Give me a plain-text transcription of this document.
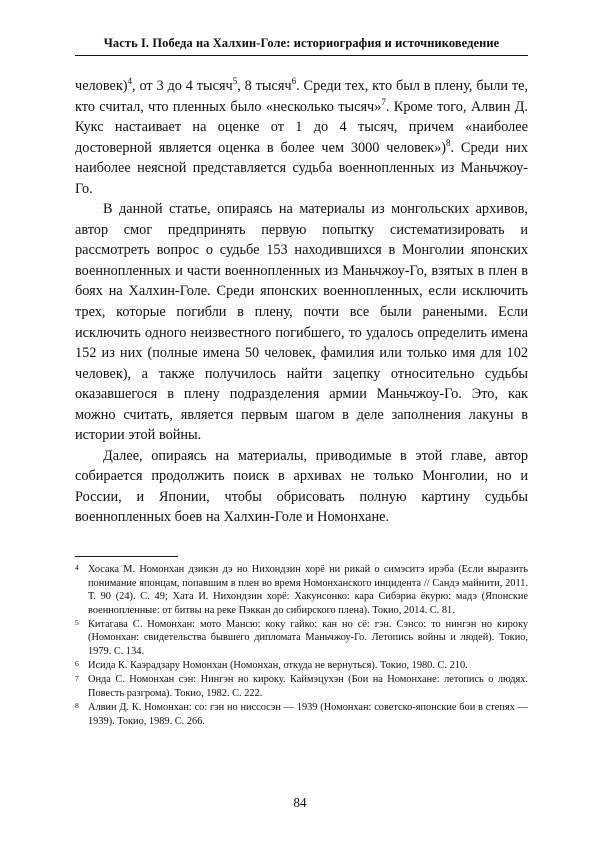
Часть I. Победа на Халхин-Голе: историография и источниковедение

человек)$^4$, от 3 до 4 тысяч$^5$, 8 тысяч$^6$. Среди тех, кто был в плену, были те, кто считал, что пленных было «несколько тысяч»$^7$. Кроме того, Алвин Д. Кукс настаивает на оценке от 1 до 4 тысяч, причем «наиболее достоверной является оценка в более чем 3000 человек»)$^8$. Среди них наиболее неясной представляется судьба военнопленных из Маньчжоу-Го.

В данной статье, опираясь на материалы из монгольских архивов, автор смог предпринять первую попытку систематизировать и рассмотреть вопрос о судьбе 153 находившихся в Монголии японских военнопленных и части военнопленных из Маньчжоу-Го, взятых в плен в боях на Халхин-Голе. Среди японских военнопленных, если исключить трех, которые погибли в плену, почти все были ранеными. Если исключить одного неизвестного погибшего, то удалось определить имена 152 из них (полные имена 50 человек, фамилия или только имя для 102 человек), а также получилось найти зацепку относительно судьбы оказавшегося в плену подразделения армии Маньчжоу-Го. Это, как можно считать, является первым шагом в деле заполнения лакуны в истории этой войны.

Далее, опираясь на материалы, приводимые в этой главе, автор собирается продолжить поиск в архивах не только Монголии, но и России, и Японии, чтобы обрисовать полную картину судьбы военнопленных боев на Халхин-Голе и Номонхане.

4 Хосака М. Номонхан дзикэн дэ но Нихондзин хорё ни рикай о симэситэ ирэба (Если выразить понимание японцам, попавшим в плен во время Номонханского инцидента // Сандэ майнити, 2011. Т. 90 (24). С. 49; Хата И. Нихондзин хорё: Хакунсонко: кара Сибэриа ёкурю: мадэ (Японские военнопленные: от битвы на реке Пэккан до сибирского плена). Токио, 2014. С. 81.
5 Китагава С. Номонхан: мото Мансю: коку гайко: кан но сё: гэн. Сэнсо: то нингэн но кироку (Номонхан: свидетельства бывшего дипломата Маньчжоу-Го. Летопись войны и людей). Токио, 1979. С. 134.
6 Исида К. Каэрадзару Номонхан (Номонхан, откуда не вернуться). Токио, 1980. С. 210.
7 Онда С. Номонхан сэн: Нингэн но кироку. Каймэцухэн (Бои на Номонхане: летопись о людях. Повесть разгрома). Токио, 1982. С. 222.
8 Алвин Д. К. Номонхан: со: гэн но ниссосэн — 1939 (Номонхан: советско-японские бои в степях — 1939). Токио, 1989. С. 266.
84
